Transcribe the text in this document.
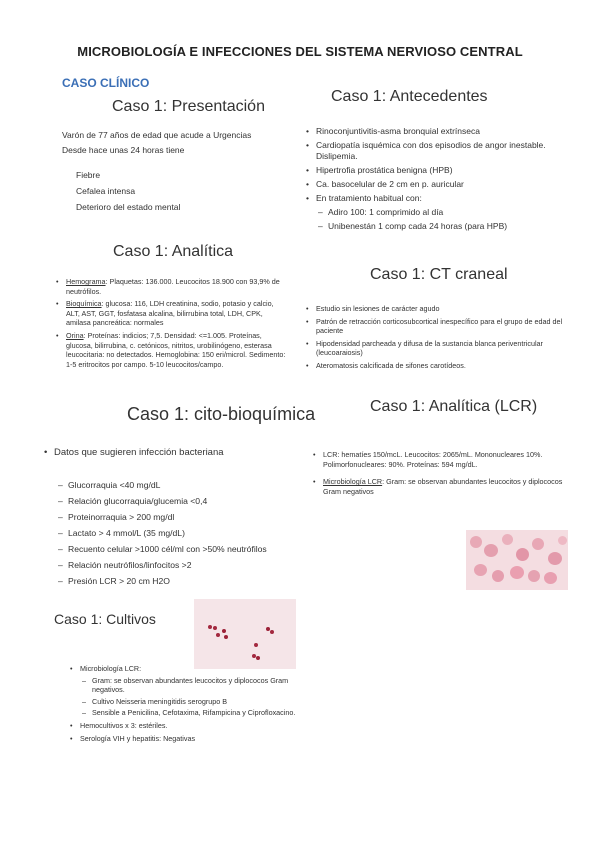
MICROBIOLOGÍA E INFECCIONES DEL SISTEMA NERVIOSO CENTRAL
CASO CLÍNICO
Caso 1: Presentación
Varón de 77 años de edad que acude a Urgencias
Desde hace unas 24 horas tiene
Fiebre
Cefalea intensa
Deterioro del estado mental
Caso 1: Antecedentes
• Rinoconjuntivitis-asma bronquial extrínseca
• Cardiopatía isquémica con dos episodios de angor inestable. Dislipemia.
• Hipertrofia prostática benigna (HPB)
• Ca. basocelular de 2 cm en p. auricular
• En tratamiento habitual con:
– Adiro 100: 1 comprimido al día
– Unibenestán 1 comp cada 24 horas (para HPB)
Caso 1: Analítica
• Hemograma: Plaquetas: 136.000. Leucocitos 18.900 con 93,9% de neutrófilos.
• Bioquímica: glucosa: 116, LDH creatinina, sodio, potasio y calcio, ALT, AST, GGT, fosfatasa alcalina, bilirrubina total, LDH, CPK, amilasa pancreática: normales
• Orina: Proteínas: indicios; 7,5. Densidad: <=1.005. Proteínas, glucosa, bilirrubina, c. cetónicos, nitritos, urobilinógeno, esterasa leucocitaria: no detectados. Hemoglobina: 150 eri/microl. Sedimento: 1-5 eritrocitos por campo. 5-10 leucocitos/campo.
Caso 1: CT craneal
• Estudio sin lesiones de carácter agudo
• Patrón de retracción corticosubcortical inespecífico para el grupo de edad del paciente
• Hipodensidad parcheada y difusa de la sustancia blanca periventricular (leucoaraiosis)
• Ateromatosis calcificada de sifones carotídeos.
Caso 1: cito-bioquímica
• Datos que sugieren infección bacteriana
– Glucorraquia <40 mg/dL
– Relación glucorraquia/glucemia <0,4
– Proteinorraquia > 200 mg/dl
– Lactato > 4 mmol/L (35 mg/dL)
– Recuento celular >1000 cél/ml con >50% neutrófilos
– Relación neutrófilos/linfocitos >2
– Presión LCR > 20 cm H2O
Caso 1: Analítica (LCR)
• LCR: hematíes 150/mcL. Leucocitos: 2065/mL. Mononucleares 10%. Polimorfonucleares: 90%. Proteínas: 594 mg/dL.
• Microbiología LCR: Gram: se observan abundantes leucocitos y diplococos Gram negativos
Caso 1: Cultivos
• Microbiología LCR:
– Gram: se observan abundantes leucocitos y diplococos Gram negativos.
– Cultivo Neisseria meningitidis serogrupo B
– Sensible a Penicilina, Cefotaxima, Rifampicina y Ciprofloxacino.
• Hemocultivos x 3: estériles.
• Serología VIH y hepatitis: Negativas
